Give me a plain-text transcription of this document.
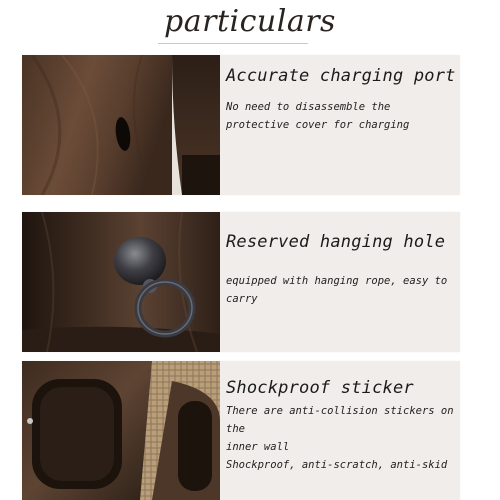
particulars
Accurate charging port
No need to disassemble the
protective cover for charging
Reserved hanging hole
equipped with hanging rope, easy to carry
Shockproof sticker
There are anti-collision stickers on the
inner wall
Shockproof, anti-scratch, anti-skid
